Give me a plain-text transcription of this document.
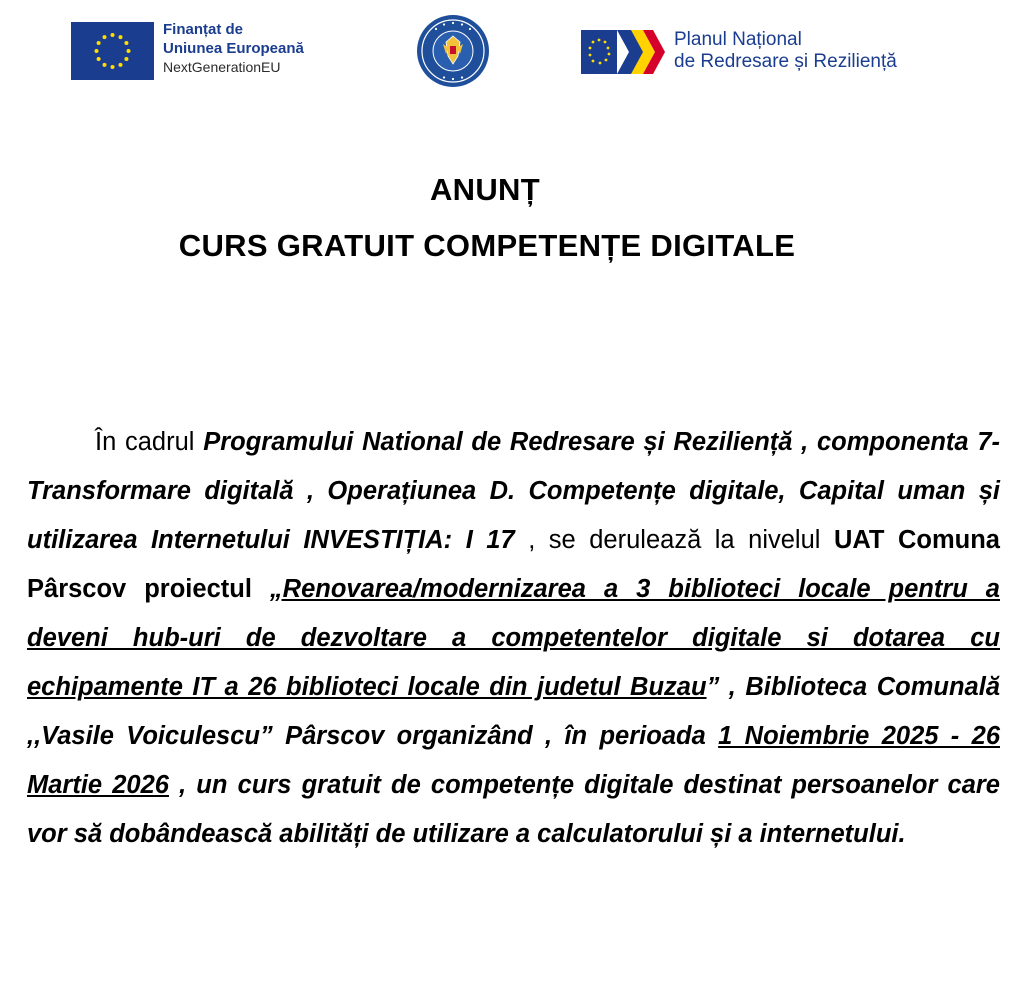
Finanțat de
Uniunea Europeană
NextGenerationEU
Planul Național
de Redresare și Reziliență
ANUNȚ
CURS GRATUIT COMPETENȚE DIGITALE

În cadrul Programului National de Redresare și Reziliență , componenta 7-Transformare digitală , Operațiunea D. Competențe digitale, Capital uman și utilizarea Internetului INVESTIȚIA: I 17 , se derulează la nivelul UAT Comuna Pârscov proiectul „Renovarea/modernizarea a 3 biblioteci locale pentru a deveni hub-uri de dezvoltare a competentelor digitale si dotarea cu echipamente IT a 26 biblioteci locale din judetul Buzau” , Biblioteca Comunală ,,Vasile Voiculescu” Pârscov organizând , în perioada 1 Noiembrie 2025 - 26 Martie 2026 , un curs gratuit de competențe digitale destinat persoanelor care vor să dobândească abilități de utilizare a calculatorului și a internetului.
